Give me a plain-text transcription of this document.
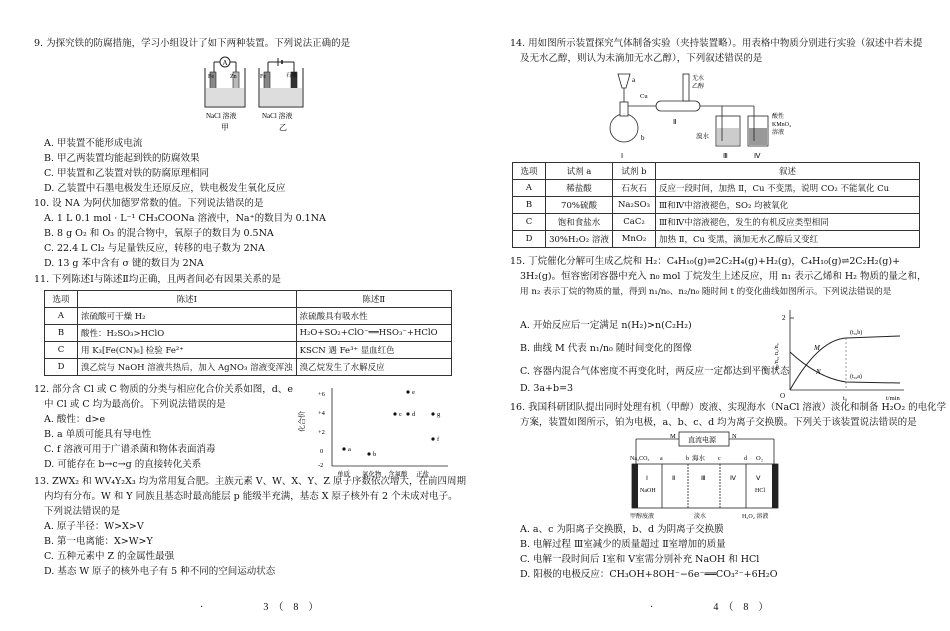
9. 为探究铁的防腐措施，学习小组设计了如下两种装置。下列说法正确的是
A
Fe	Zn
NaCl 溶液
甲
Fe	石墨
NaCl 溶液
乙
A. 甲装置不能形成电流
B. 甲乙两装置均能起到铁的防腐效果
C. 甲装置和乙装置对铁的防腐原理相同
D. 乙装置中石墨电极发生还原反应，铁电极发生氧化反应
10. 设 NA 为阿伏加德罗常数的值。下列说法错误的是
A. 1 L 0.1 mol · L⁻¹ CH₃COONa 溶液中，Na⁺的数目为 0.1NA
B. 8 g O₂ 和 O₃ 的混合物中，氧原子的数目为 0.5NA
C. 22.4 L Cl₂ 与足量铁反应，转移的电子数为 2NA
D. 13 g 苯中含有 σ 键的数目为 2NA
11. 下列陈述Ⅰ与陈述Ⅱ均正确，且两者间必有因果关系的是
选项	陈述Ⅰ	陈述Ⅱ
A	浓硫酸可干燥 H₂	浓硫酸具有吸水性
B	酸性：H₂SO₃>HClO	H₂O+SO₂+ClO⁻══HSO₃⁻+HClO
C	用 K₃[Fe(CN)₆] 检验 Fe²⁺	KSCN 遇 Fe³⁺ 显血红色
D	溴乙烷与 NaOH 溶液共热后，加入 AgNO₃ 溶液变浑浊	溴乙烷发生了水解反应
12. 部分含 Cl 或 C 物质的分类与相应化合价关系如图，d、e
中 Cl 或 C 均为最高价。下列说法错误的是
A. 酸性：d>e
B. a 单质可能具有导电性
C. f 溶液可用于广谱杀菌和物体表面消毒
D. 可能存在 b→c→g 的直接转化关系
化合价
+6
+4
+2
0
-2
单质 氧化物 含氧酸 正盐
a
b
c d
e
f
g
13. ZWX₂ 和 WV₄Y₂X₃ 均为常用复合肥。主族元素 V、W、X、Y、Z 原子序数依次增大，在前四周期
内均有分布。W 和 Y 同族且基态时最高能层 p 能级半充满，基态 X 原子核外有 2 个未成对电子。
下列说法错误的是
A. 原子半径：W>X>V
B. 第一电离能：X>W>Y
C. 五种元素中 Z 的金属性最强
D. 基态 W 原子的核外电子有 5 种不同的空间运动状态
·　　　　　　3　（　8　）
14. 用如图所示装置探究气体制备实验（夹持装置略）。用表格中物质分别进行实验（叙述中若未提
及无水乙醇，则认为未滴加无水乙醇），下列叙述错误的是
a
b
Ⅰ
Cu
Ⅱ
无水
乙醇
溴水
Ⅲ
酸性
KMnO₄
溶液
Ⅳ
选项	试剂 a	试剂 b	叙述
A	稀盐酸	石灰石	反应一段时间，加热 Ⅱ，Cu 不变黑，说明 CO₂ 不能氧化 Cu
B	70%硫酸	Na₂SO₃	Ⅲ和Ⅳ中溶液褪色，SO₂ 均被氧化
C	饱和食盐水	CaC₂	Ⅲ和Ⅳ中溶液褪色，发生的有机反应类型相同
D	30%H₂O₂ 溶液	MnO₂	加热 Ⅱ，Cu 变黑，滴加无水乙醇后又变红
15. 丁烷催化分解可生成乙烷和 H₂：C₄H₁₀(g)⇌2C₂H₄(g)+H₂(g)，C₄H₁₀(g)⇌2C₂H₂(g)+
3H₂(g)。恒容密闭容器中充入 n₀ mol 丁烷发生上述反应，用 n₁ 表示乙烯和 H₂ 物质的量之和，
用 n₂ 表示丁烷的物质的量，得到 n₁/n₀、n₂/n₀ 随时间 t 的变化曲线如图所示。下列说法错误的是
A. 开始反应后一定满足 n(H₂)>n(C₂H₂)
B. 曲线 M 代表 n₁/n₀ 随时间变化的图像
C. 容器内混合气体密度不再变化时，两反应一定都达到平衡状态
D. 3a+b=3
2
O
n₁/n₀, n₂/n₀
t/min
M
N
(t₀,b)
(t₀,a)
t₀
16. 我国科研团队提出同时处理有机（甲醇）废液、实现海水（NaCl 溶液）淡化和制备 H₂O₂ 的电化学
方案，装置如图所示，铂为电极，a、b、c、d 均为离子交换膜。下列关于该装置说法错误的是
直流电源
M	N
Na₂CO₃	海水	O₂
a	b	c	d
Ⅰ	Ⅱ	Ⅲ	Ⅳ	Ⅴ
NaOH	HCl
甲醇废液	淡水	H₂O₂ 溶液
A. a、c 为阳离子交换膜，b、d 为阴离子交换膜
B. 电解过程 Ⅲ室减少的质量超过 Ⅱ室增加的质量
C. 电解一段时间后 Ⅰ室和 Ⅴ室需分别补充 NaOH 和 HCl
D. 阳极的电极反应：CH₃OH+8OH⁻−6e⁻══CO₃²⁻+6H₂O
·　　　　　　4　（　8　）
